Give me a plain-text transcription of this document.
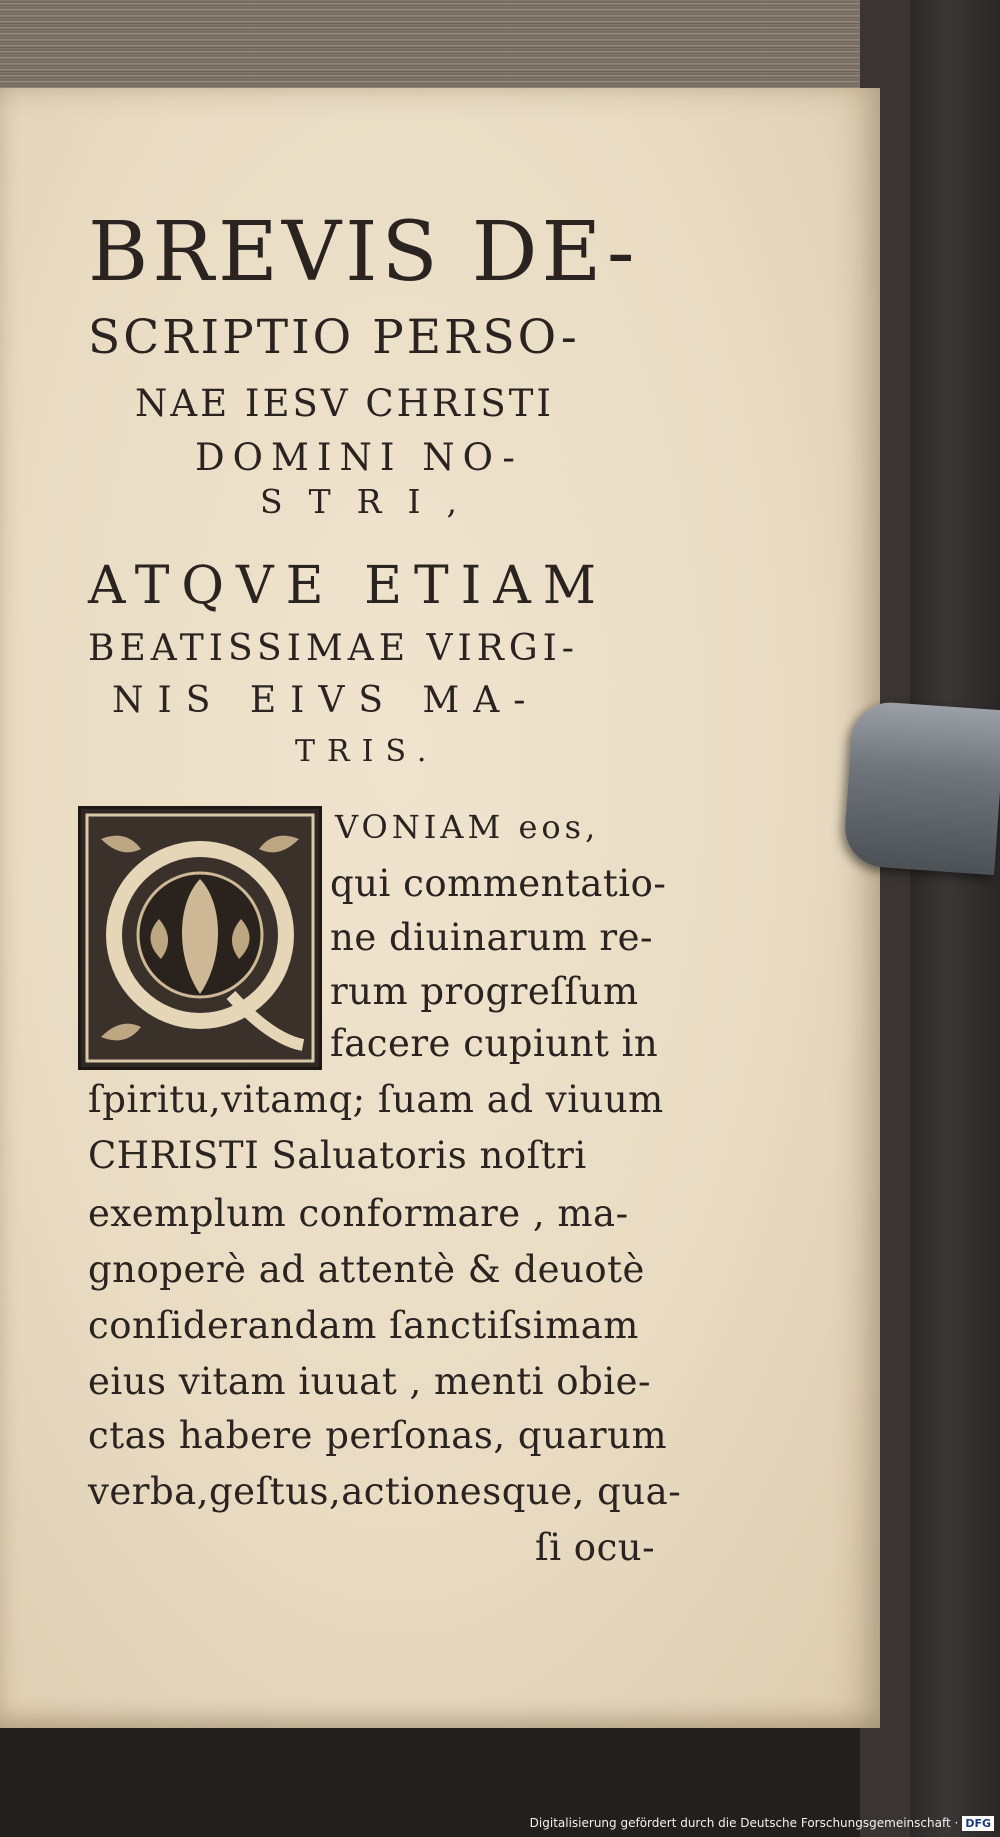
BREVIS DE-
SCRIPTIO PERSO-
NAE IESV CHRISTI
DOMINI NO-
STRI,
ATQVE ETIAM
BEATISSIMAE VIRGI-
NIS EIVS MA-
TRIS.
VONIAM eos,
qui commentatio-
ne diuinarum re-
rum progreſſum
facere cupiunt in
ſpiritu,vitamq; ſuam ad viuum
CHRISTI Saluatoris noſtri
exemplum conformare , ma-
gnoperè ad attentè & deuotè
conſiderandam ſanctiſsimam
eius vitam iuuat , menti obie-
ctas habere perſonas, quarum
verba,geſtus,actionesque, qua-
ſi ocu-
Digitalisierung gefördert durch die Deutsche Forschungsgemeinschaft · DFG
